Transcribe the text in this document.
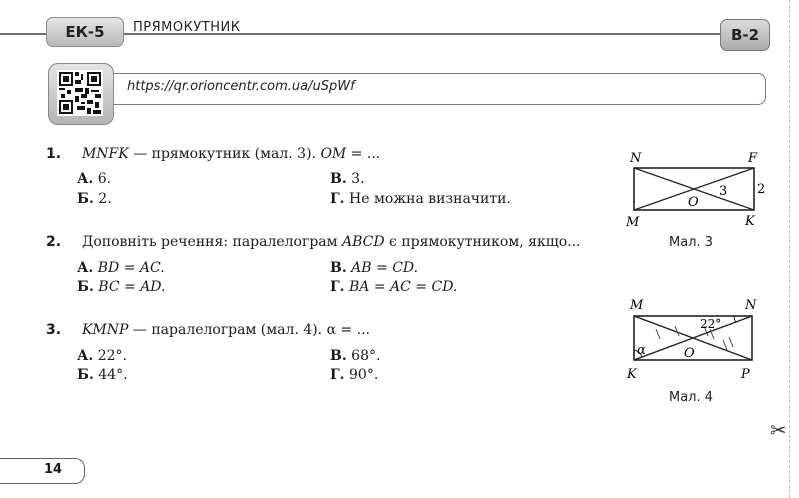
ЕК-5	ПРЯМОКУТНИК	В-2
https://qr.orioncentr.com.ua/uSpWf
1. MNFK — прямокутник (мал. 3). OM = ...
А. 6.
Б. 2.
В. 3.
Г. Не можна визначити.
2. Доповніть речення: паралелограм ABCD є прямокутником, якщо...
А. BD = AC.
Б. BC = AD.
В. AB = CD.
Г. BA = AC = CD.
3. KMNP — паралелограм (мал. 4). α = ...
А. 22°.
Б. 44°.
В. 68°.
Г. 90°.
N	F
M	K
O
3 2
Мал. 3
M	N
K	P
O
22°
α
Мал. 4
✂
14
